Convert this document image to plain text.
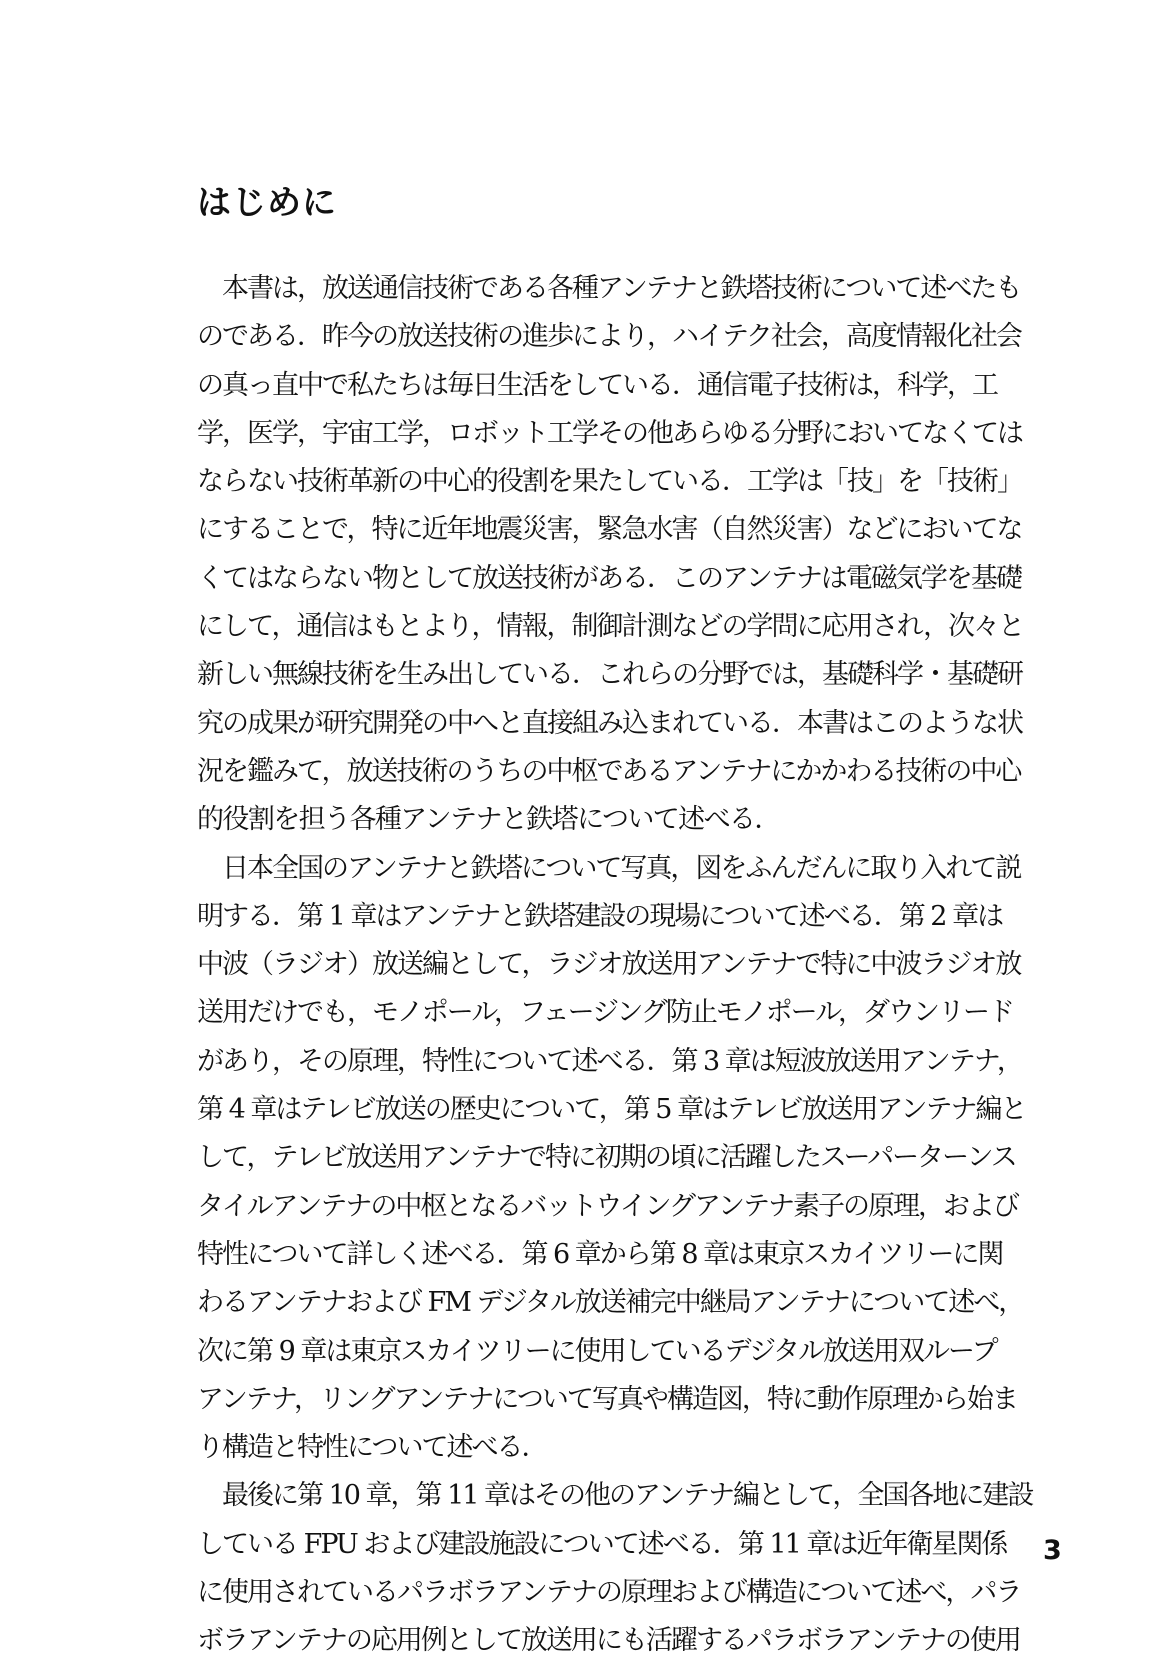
はじめに
　本書は，放送通信技術である各種アンテナと鉄塔技術について述べたも
のである．昨今の放送技術の進歩により，ハイテク社会，高度情報化社会
の真っ直中で私たちは毎日生活をしている．通信電子技術は，科学，工
学，医学，宇宙工学，ロボット工学その他あらゆる分野においてなくては
ならない技術革新の中心的役割を果たしている．工学は「技」を「技術」
にすることで，特に近年地震災害，緊急水害（自然災害）などにおいてな
くてはならない物として放送技術がある．このアンテナは電磁気学を基礎
にして，通信はもとより，情報，制御計測などの学問に応用され，次々と
新しい無線技術を生み出している．これらの分野では，基礎科学・基礎研
究の成果が研究開発の中へと直接組み込まれている．本書はこのような状
況を鑑みて，放送技術のうちの中枢であるアンテナにかかわる技術の中心
的役割を担う各種アンテナと鉄塔について述べる．
　日本全国のアンテナと鉄塔について写真，図をふんだんに取り入れて説
明する．第 1 章はアンテナと鉄塔建設の現場について述べる．第 2 章は
中波（ラジオ）放送編として，ラジオ放送用アンテナで特に中波ラジオ放
送用だけでも，モノポール，フェージング防止モノポール，ダウンリード
があり，その原理，特性について述べる．第 3 章は短波放送用アンテナ，
第 4 章はテレビ放送の歴史について，第 5 章はテレビ放送用アンテナ編と
して，テレビ放送用アンテナで特に初期の頃に活躍したスーパーターンス
タイルアンテナの中枢となるバットウイングアンテナ素子の原理，および
特性について詳しく述べる．第 6 章から第 8 章は東京スカイツリーに関
わるアンテナおよび FM デジタル放送補完中継局アンテナについて述べ，
次に第 9 章は東京スカイツリーに使用しているデジタル放送用双ループ
アンテナ，リングアンテナについて写真や構造図，特に動作原理から始ま
り構造と特性について述べる．
　最後に第 10 章，第 11 章はその他のアンテナ編として，全国各地に建設
している FPU および建設施設について述べる．第 11 章は近年衛星関係
に使用されているパラボラアンテナの原理および構造について述べ，パラ
ボラアンテナの応用例として放送用にも活躍するパラボラアンテナの使用
3
